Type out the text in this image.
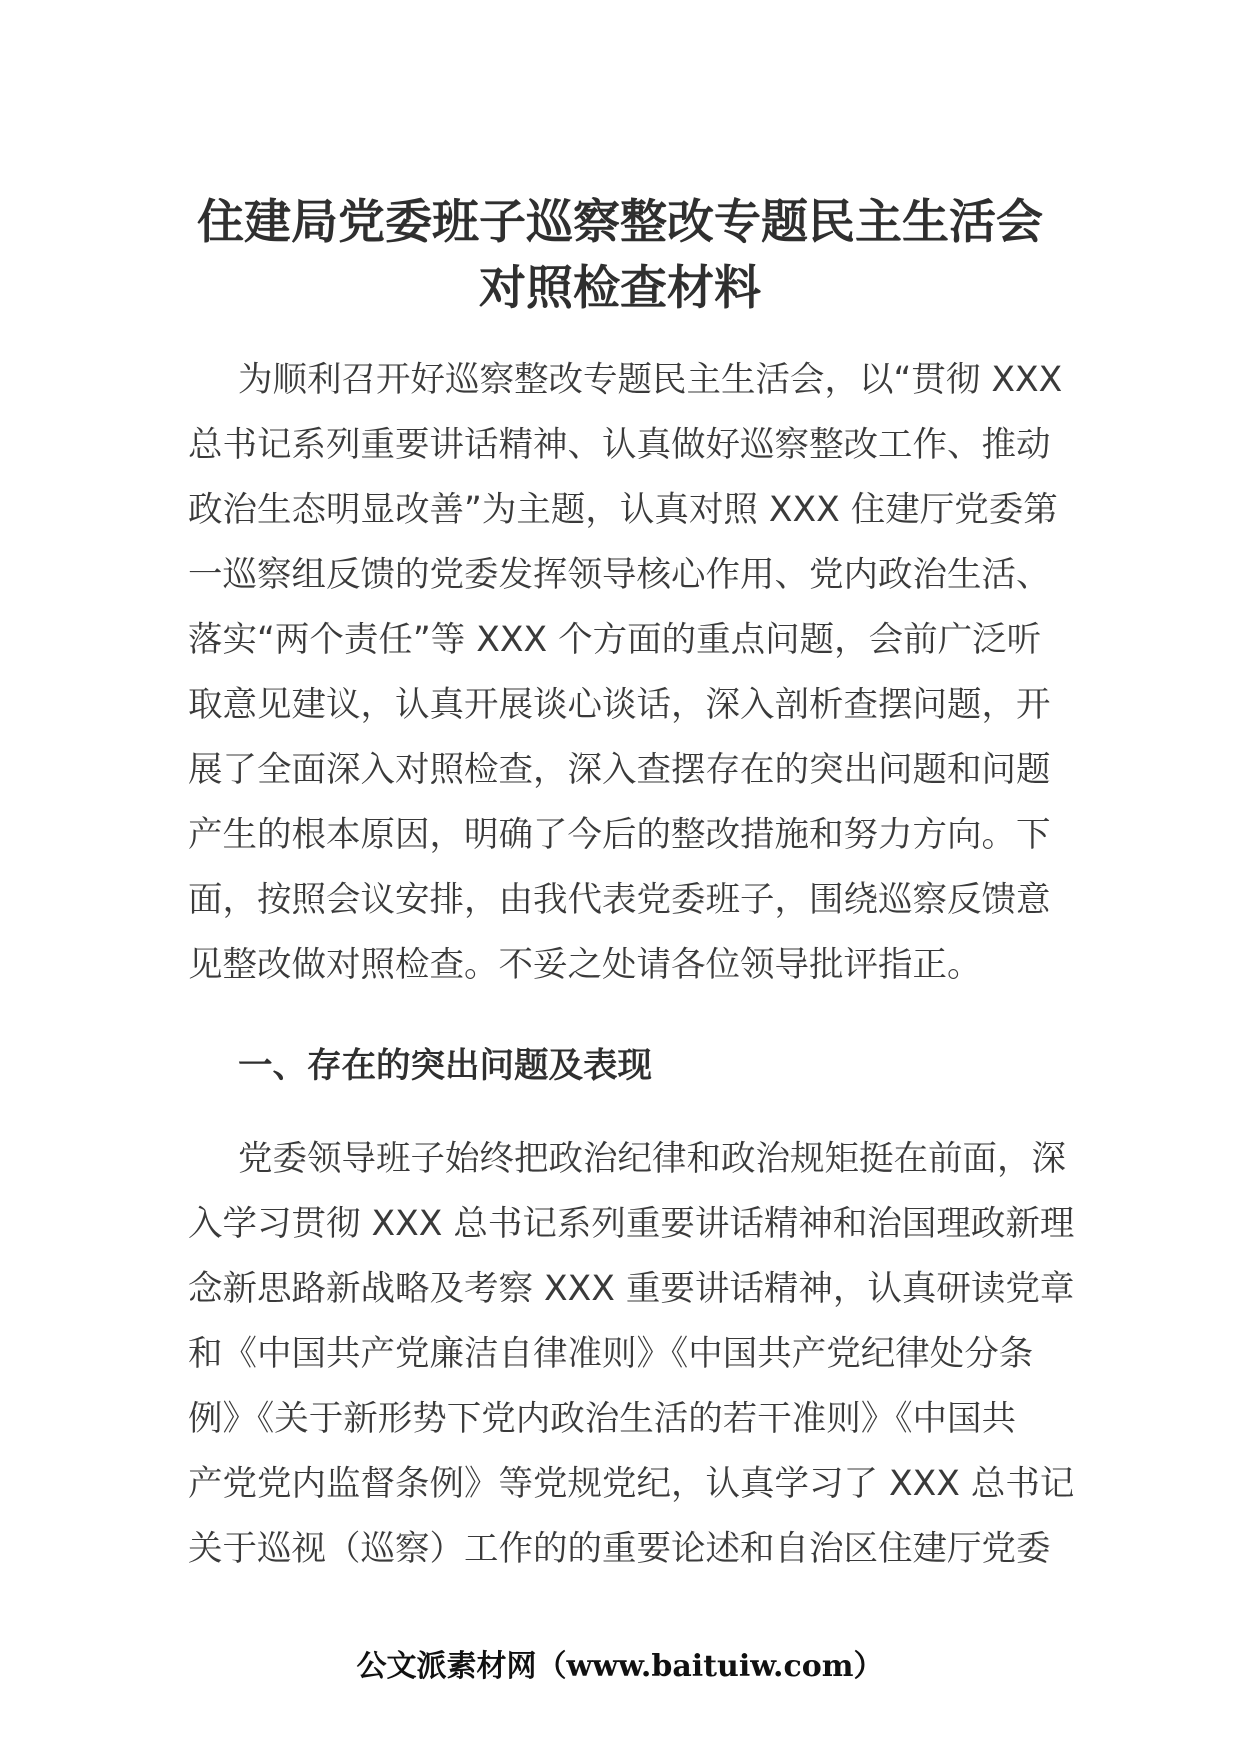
住建局党委班子巡察整改专题民主生活会
对照检查材料
为顺利召开好巡察整改专题民主生活会，以“贯彻 XXX
总书记系列重要讲话精神、认真做好巡察整改工作、推动
政治生态明显改善”为主题，认真对照 XXX 住建厅党委第
一巡察组反馈的党委发挥领导核心作用、党内政治生活、
落实“两个责任”等 XXX 个方面的重点问题，会前广泛听
取意见建议，认真开展谈心谈话，深入剖析查摆问题，开
展了全面深入对照检查，深入查摆存在的突出问题和问题
产生的根本原因，明确了今后的整改措施和努力方向。下
面，按照会议安排，由我代表党委班子，围绕巡察反馈意
见整改做对照检查。不妥之处请各位领导批评指正。
一、存在的突出问题及表现
党委领导班子始终把政治纪律和政治规矩挺在前面，深
入学习贯彻 XXX 总书记系列重要讲话精神和治国理政新理
念新思路新战略及考察 XXX 重要讲话精神，认真研读党章
和《中国共产党廉洁自律准则》《中国共产党纪律处分条
例》《关于新形势下党内政治生活的若干准则》《中国共
产党党内监督条例》等党规党纪，认真学习了 XXX 总书记
关于巡视（巡察）工作的的重要论述和自治区住建厅党委
公文派素材网（www.baituiw.com）
